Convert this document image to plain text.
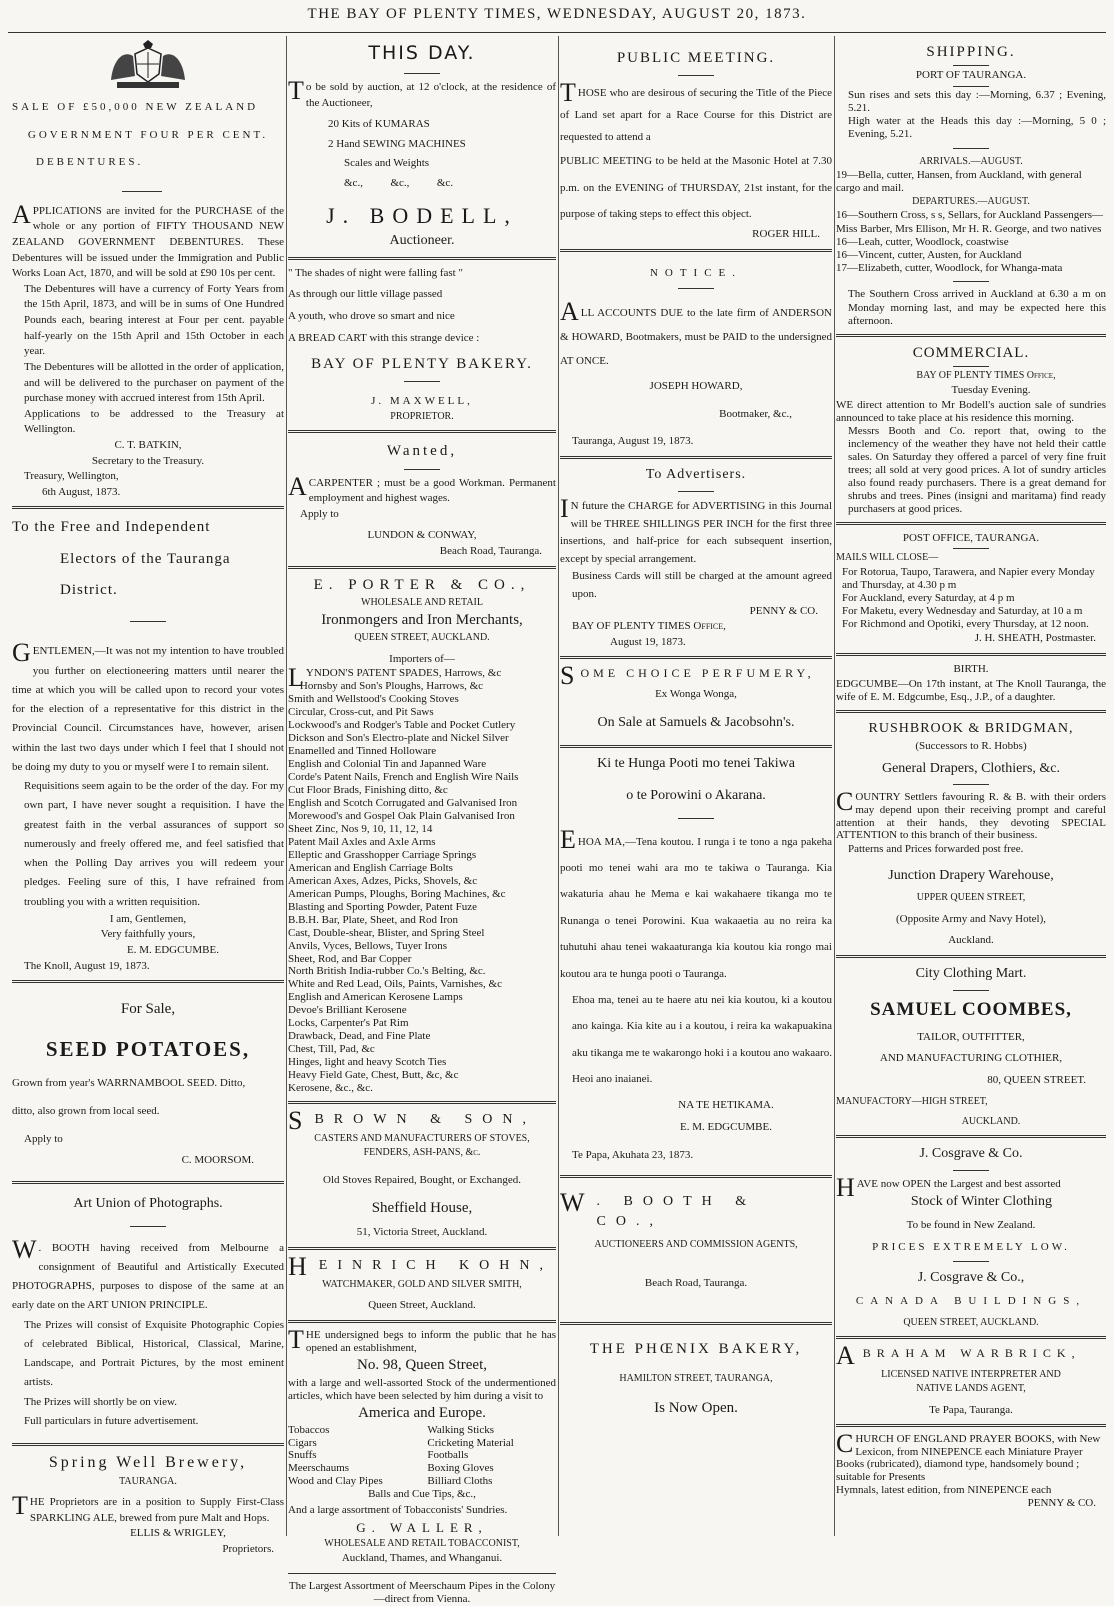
THE BAY OF PLENTY TIMES, WEDNESDAY, AUGUST 20, 1873.

SALE OF £50,000 NEW ZEALAND

GOVERNMENT FOUR PER CENT.

DEBENTURES.

APPLICATIONS are invited for the PURCHASE of the whole or any portion of FIFTY THOUSAND NEW ZEALAND GOVERNMENT DEBENTURES. These Debentures will be issued under the Immigration and Public Works Loan Act, 1870, and will be sold at £90 10s per cent.

The Debentures will have a currency of Forty Years from the 15th April, 1873, and will be in sums of One Hundred Pounds each, bearing interest at Four per cent. payable half-yearly on the 15th April and 15th October in each year.

The Debentures will be allotted in the order of application, and will be delivered to the purchaser on payment of the purchase money with accrued interest from 15th April.

Applications to be addressed to the Treasury at Wellington.

C. T. BATKIN,

Secretary to the Treasury.

Treasury, Wellington,

6th August, 1873.

To the Free and Independent

Electors of the Tauranga

District.

GENTLEMEN,—It was not my intention to have troubled you further on electioneering matters until nearer the time at which you will be called upon to record your votes for the election of a representative for this district in the Provincial Council. Circumstances have, however, arisen within the last two days under which I feel that I should not be doing my duty to you or myself were I to remain silent.

Requisitions seem again to be the order of the day. For my own part, I have never sought a requisition. I have the greatest faith in the verbal assurances of support so numerously and freely offered me, and feel satisfied that when the Polling Day arrives you will redeem your pledges. Feeling sure of this, I have refrained from troubling you with a written requisition.

I am, Gentlemen,

Very faithfully yours,

E. M. EDGCUMBE.

The Knoll, August 19, 1873.

For Sale,

SEED POTATOES,

Grown from year's WARRNAMBOOL SEED. Ditto,

ditto, also grown from local seed.

Apply to

C. MOORSOM.

Art Union of Photographs.

W . BOOTH having received from Melbourne a consignment of Beautiful and Artistically Executed PHOTOGRAPHS, purposes to dispose of the same at an early date on the ART UNION PRINCIPLE.

The Prizes will consist of Exquisite Photographic Copies of celebrated Biblical, Historical, Classical, Marine, Landscape, and Portrait Pictures, by the most eminent artists.

The Prizes will shortly be on view.

Full particulars in future advertisement.

Spring Well Brewery,

TAURANGA.

THE Proprietors are in a position to Supply First-Class SPARKLING ALE, brewed from pure Malt and Hops.

ELLIS & WRIGLEY,

Proprietors.

THIS DAY.

To be sold by auction, at 12 o'clock, at the residence of the Auctioneer,

20 Kits of KUMARAS

2 Hand SEWING MACHINES

Scales and Weights

&c.,          &c.,          &c.

J. BODELL,

Auctioneer.

" The shades of night were falling fast "

As through our little village passed

A youth, who drove so smart and nice

A BREAD CART with this strange device :

BAY OF PLENTY BAKERY.

J. MAXWELL,

PROPRIETOR.

Wanted,

ACARPENTER ; must be a good Workman. Permanent employment and highest wages.

Apply to

LUNDON & CONWAY,

Beach Road, Tauranga.

E. PORTER & CO.,

WHOLESALE AND RETAIL

Ironmongers and Iron Merchants,

QUEEN STREET, AUCKLAND.

Importers of—

LYNDON'S PATENT SPADES, Harrows, &c

Hornsby and Son's Ploughs, Harrows, &c

Smith and Wellstood's Cooking Stoves

Circular, Cross-cut, and Pit Saws

Lockwood's and Rodger's Table and Pocket Cutlery

Dickson and Son's Electro-plate and Nickel Silver

Enamelled and Tinned Holloware

English and Colonial Tin and Japanned Ware

Corde's Patent Nails, French and English Wire Nails

Cut Floor Brads, Finishing ditto, &c

English and Scotch Corrugated and Galvanised Iron

Morewood's and Gospel Oak Plain Galvanised Iron

Sheet Zinc, Nos 9, 10, 11, 12, 14

Patent Mail Axles and Axle Arms

Elleptic and Grasshopper Carriage Springs

American and English Carriage Bolts

American Axes, Adzes, Picks, Shovels, &c

American Pumps, Ploughs, Boring Machines, &c

Blasting and Sporting Powder, Patent Fuze

B.B.H. Bar, Plate, Sheet, and Rod Iron

Cast, Double-shear, Blister, and Spring Steel

Anvils, Vyces, Bellows, Tuyer Irons

Sheet, Rod, and Bar Copper

North British India-rubber Co.'s Belting, &c.

White and Red Lead, Oils, Paints, Varnishes, &c

English and American Kerosene Lamps

Devoe's Brilliant Kerosene

Locks, Carpenter's Pat Rim

Drawback, Dead, and Fine Plate

Chest, Till, Pad, &c

Hinges, light and heavy Scotch Ties

Heavy Field Gate, Chest, Butt, &c, &c

Kerosene, &c., &c.

SBROWN & SON,

CASTERS AND MANUFACTURERS OF STOVES,

FENDERS, ASH-PANS, &c.

Old Stoves Repaired, Bought, or Exchanged.

Sheffield House,

51, Victoria Street, Auckland.

HEINRICH KOHN,

WATCHMAKER, GOLD AND SILVER SMITH,

Queen Street, Auckland.

THE undersigned begs to inform the public that he has opened an establishment,

No. 98, Queen Street,

with a large and well-assorted Stock of the undermentioned articles, which have been selected by him during a visit to

America and Europe.

Tobaccos

Cigars

Snuffs

Meerschaums

Wood and Clay Pipes

Walking Sticks

Cricketing Material

Footballs

Boxing Gloves

Billiard Cloths

Balls and Cue Tips, &c.,

And a large assortment of Tobacconists' Sundries.

G. WALLER,

WHOLESALE AND RETAIL TOBACCONIST,

Auckland, Thames, and Whanganui.

The Largest Assortment of Meerschaum Pipes in the Colony—direct from Vienna.

PUBLIC MEETING.

THOSE who are desirous of securing the Title of the Piece of Land set apart for a Race Course for this District are requested to attend a

PUBLIC MEETING to be held at the Masonic Hotel at 7.30 p.m. on the EVENING of THURSDAY, 21st instant, for the purpose of taking steps to effect this object.

ROGER HILL.

NOTICE.

ALL ACCOUNTS DUE to the late firm of ANDERSON & HOWARD, Bootmakers, must be PAID to the undersigned AT ONCE.

JOSEPH HOWARD,

Bootmaker, &c.,

Tauranga, August 19, 1873.

To Advertisers.

I N future the CHARGE for ADVERTISING in this Journal will be THREE SHILLINGS PER INCH for the first three insertions, and half-price for each subsequent insertion, except by special arrangement.

Business Cards will still be charged at the amount agreed upon.

PENNY & CO.

BAY OF PLENTY TIMES Office,

August 19, 1873.

SOME CHOICE PERFUMERY,

Ex Wonga Wonga,

On Sale at Samuels & Jacobsohn's.

Ki te Hunga Pooti mo tenei Takiwa

o te Porowini o Akarana.

EHOA MA,—Tena koutou. I runga i te tono a nga pakeha pooti mo tenei wahi ara mo te takiwa o Tauranga. Kia wakaturia ahau he Mema e kai wakahaere tikanga mo te Runanga o tenei Porowini. Kua wakaaetia au no reira ka tuhutuhi ahau tenei wakaaturanga kia koutou kia rongo mai koutou ara te hunga pooti o Tauranga.

Ehoa ma, tenei au te haere atu nei kia koutou, ki a koutou ano kainga. Kia kite au i a koutou, i reira ka wakapuakina aku tikanga me te wakarongo hoki i a koutou ano wakaaro.

Heoi ano inaianei.

NA TE HETIKAMA.

E. M. EDGCUMBE.

Te Papa, Akuhata 23, 1873.

W . BOOTH & CO.,

AUCTIONEERS AND COMMISSION AGENTS,

Beach Road, Tauranga.

THE PHŒNIX BAKERY,

HAMILTON STREET, TAURANGA,

Is Now Open.

SHIPPING.

PORT OF TAURANGA.

Sun rises and sets this day :—Morning, 6.37 ; Evening, 5.21.

High water at the Heads this day :—Morning, 5 0 ; Evening, 5.21.

ARRIVALS.—AUGUST.

19—Bella, cutter, Hansen, from Auckland, with general cargo and mail.

DEPARTURES.—AUGUST.

16—Southern Cross, s s, Sellars, for Auckland Passengers—Miss Barber, Mrs Ellison, Mr H. R. George, and two natives

16—Leah, cutter, Woodlock, coastwise

16—Vincent, cutter, Austen, for Auckland

17—Elizabeth, cutter, Woodlock, for Whanga-mata

The Southern Cross arrived in Auckland at 6.30 a m on Monday morning last, and may be expected here this afternoon.

COMMERCIAL.

BAY OF PLENTY TIMES Office,

Tuesday Evening.

WE direct attention to Mr Bodell's auction sale of sundries announced to take place at his residence this morning.

Messrs Booth and Co. report that, owing to the inclemency of the weather they have not held their cattle sales. On Saturday they offered a parcel of very fine fruit trees; all sold at very good prices. A lot of sundry articles also found ready purchasers. There is a great demand for shrubs and trees. Pines (insigni and maritama) find ready purchasers at good prices.

POST OFFICE, TAURANGA.

MAILS WILL CLOSE—

For Rotorua, Taupo, Tarawera, and Napier every Monday and Thursday, at 4.30 p m

For Auckland, every Saturday, at 4 p m

For Maketu, every Wednesday and Saturday, at 10 a m

For Richmond and Opotiki, every Thursday, at 12 noon.

J. H. SHEATH, Postmaster.

BIRTH.

EDGCUMBE—On 17th instant, at The Knoll Tauranga, the wife of E. M. Edgcumbe, Esq., J.P., of a daughter.

RUSHBROOK & BRIDGMAN,

(Successors to R. Hobbs)

General Drapers, Clothiers, &c.

COUNTRY Settlers favouring R. & B. with their orders may depend upon their receiving prompt and careful attention at their hands, they devoting SPECIAL ATTENTION to this branch of their business.

Patterns and Prices forwarded post free.

Junction Drapery Warehouse,

UPPER QUEEN STREET,

(Opposite Army and Navy Hotel),

Auckland.

City Clothing Mart.

SAMUEL COOMBES,

TAILOR, OUTFITTER,

AND MANUFACTURING CLOTHIER,

80, QUEEN STREET.

MANUFACTORY—HIGH STREET,

AUCKLAND.

J. Cosgrave & Co.

HAVE now OPEN the Largest and best assorted

Stock of Winter Clothing

To be found in New Zealand.

PRICES EXTREMELY LOW.

J. Cosgrave & Co.,

CANADA BUILDINGS,

QUEEN STREET, AUCKLAND.

ABRAHAM WARBRICK,

LICENSED NATIVE INTERPRETER AND

NATIVE LANDS AGENT,

Te Papa, Tauranga.

CHURCH OF ENGLAND PRAYER BOOKS, with New Lexicon, from NINEPENCE each Miniature Prayer Books (rubricated), diamond type, handsomely bound ; suitable for Presents

Hymnals, latest edition, from NINEPENCE each

PENNY & CO.
